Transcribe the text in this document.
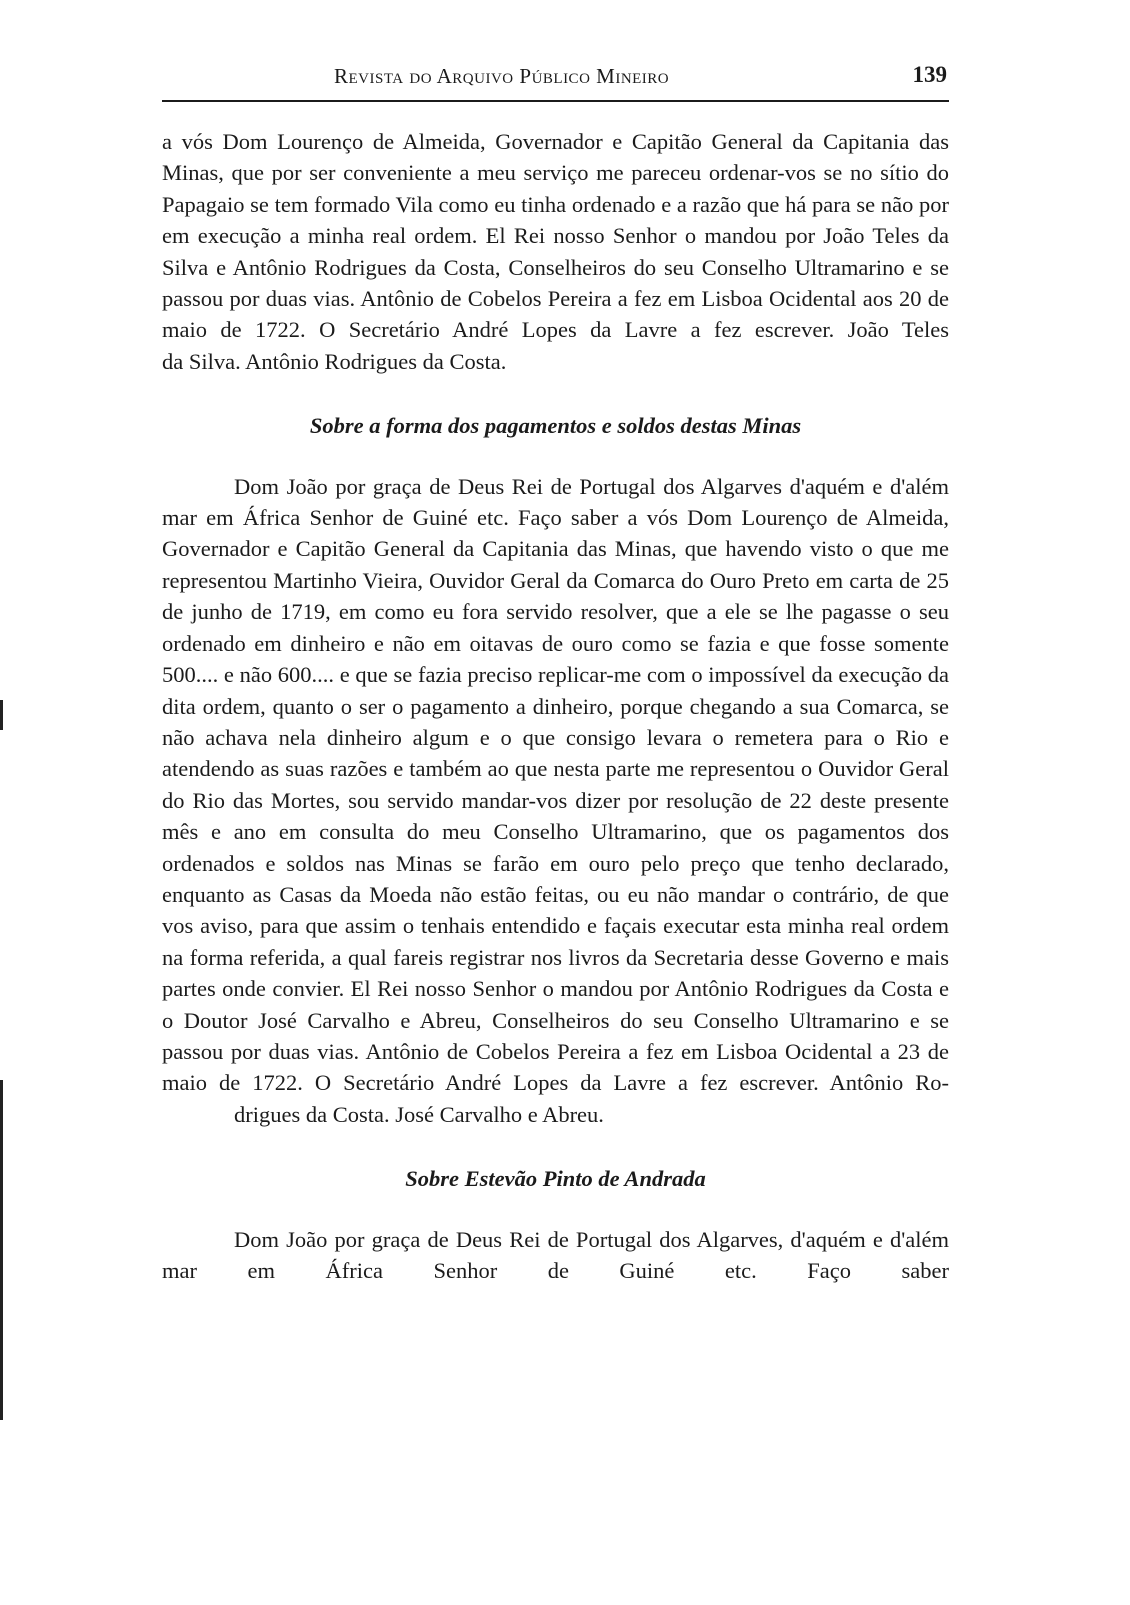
Revista do Arquivo Público Mineiro	139

a vós Dom Lourenço de Almeida, Governador e Capitão General da Capitania das Minas, que por ser conveniente a meu serviço me pareceu ordenar-vos se no sítio do Papagaio se tem formado Vila como eu tinha ordenado e a razão que há para se não por em execução a minha real ordem. El Rei nosso Senhor o mandou por João Teles da Silva e Antônio Rodrigues da Costa, Conselheiros do seu Conselho Ultramarino e se passou por duas vias. Antônio de Cobelos Pereira a fez em Lisboa Ocidental aos 20 de maio de 1722. O Secretário André Lopes da Lavre a fez escrever. João Teles
da Silva. Antônio Rodrigues da Costa.

Sobre a forma dos pagamentos e soldos destas Minas

Dom João por graça de Deus Rei de Portugal dos Algarves d'aquém e d'além mar em África Senhor de Guiné etc. Faço saber a vós Dom Lourenço de Almeida, Governador e Capitão General da Capitania das Minas, que havendo visto o que me representou Martinho Vieira, Ouvidor Geral da Comarca do Ouro Preto em carta de 25 de junho de 1719, em como eu fora servido resolver, que a ele se lhe pagasse o seu ordenado em dinheiro e não em oitavas de ouro como se fazia e que fosse somente 500.... e não 600.... e que se fazia preciso replicar-me com o impossível da execução da dita ordem, quanto o ser o pagamento a dinheiro, porque chegando a sua Comarca, se não achava nela dinheiro algum e o que consigo levara o remetera para o Rio e atendendo as suas razões e também ao que nesta parte me representou o Ouvidor Geral do Rio das Mortes, sou servido mandar-vos dizer por resolução de 22 deste presente mês e ano em consulta do meu Conselho Ultramarino, que os pagamentos dos ordenados e soldos nas Minas se farão em ouro pelo preço que tenho declarado, enquanto as Casas da Moeda não estão feitas, ou eu não mandar o contrário, de que vos aviso, para que assim o tenhais entendido e façais executar esta minha real ordem na forma referida, a qual fareis registrar nos livros da Secretaria desse Governo e mais partes onde convier. El Rei nosso Senhor o mandou por Antônio Rodrigues da Costa e o Doutor José Carvalho e Abreu, Conselheiros do seu Conselho Ultramarino e se passou por duas vias. Antônio de Cobelos Pereira a fez em Lisboa Ocidental a 23 de maio de 1722. O Secretário André Lopes da Lavre a fez escrever. Antônio Ro-
drigues da Costa. José Carvalho e Abreu.

Sobre Estevão Pinto de Andrada

Dom João por graça de Deus Rei de Portugal dos Algarves, d'aquém e d'além mar em África Senhor de Guiné etc. Faço saber
